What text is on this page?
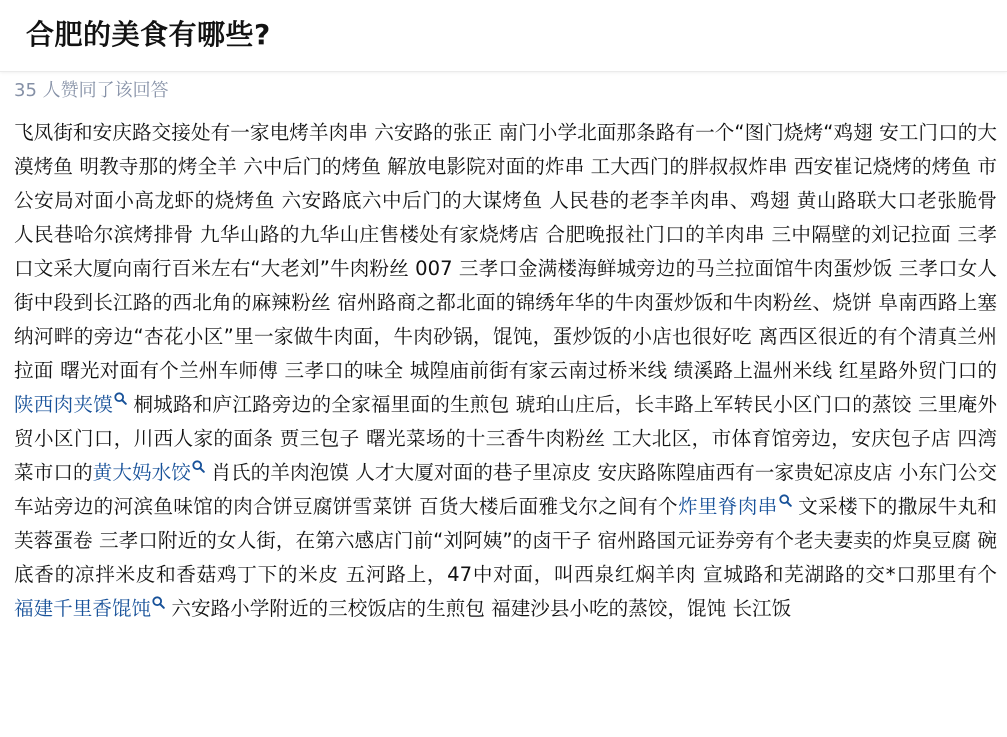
合肥的美食有哪些?
35 人赞同了该回答
飞凤街和安庆路交接处有一家电烤羊肉串 六安路的张正 南门小学北面那条路有一个“图门烧烤“鸡翅 安工门口的大漠烤鱼 明教寺那的烤全羊 六中后门的烤鱼 解放电影院对面的炸串 工大西门的胖叔叔炸串 西安崔记烧烤的烤鱼 市公安局对面小高龙虾的烧烤鱼 六安路底六中后门的大谋烤鱼 人民巷的老李羊肉串、鸡翅 黄山路联大口老张脆骨 人民巷哈尔滨烤排骨 九华山路的九华山庄售楼处有家烧烤店 合肥晚报社门口的羊肉串 三中隔壁的刘记拉面 三孝口文采大厦向南行百米左右“大老刘”牛肉粉丝 007 三孝口金满楼海鲜城旁边的马兰拉面馆牛肉蛋炒饭 三孝口女人街中段到长江路的西北角的麻辣粉丝 宿州路商之都北面的锦绣年华的牛肉蛋炒饭和牛肉粉丝、烧饼 阜南西路上塞纳河畔的旁边“杏花小区”里一家做牛肉面，牛肉砂锅，馄饨，蛋炒饭的小店也很好吃 离西区很近的有个清真兰州拉面 曙光对面有个兰州车师傅 三孝口的味全 城隍庙前街有家云南过桥米线 绩溪路上温州米线 红星路外贸门口的陕西肉夹馍 桐城路和庐江路旁边的全家福里面的生煎包 琥珀山庄后，长丰路上军转民小区门口的蒸饺 三里庵外贸小区门口，川西人家的面条 贾三包子 曙光菜场的十三香牛肉粉丝 工大北区，市体育馆旁边，安庆包子店 四湾菜市口的黄大妈水饺 肖氏的羊肉泡馍 人才大厦对面的巷子里凉皮 安庆路陈隍庙西有一家贵妃凉皮店 小东门公交车站旁边的河滨鱼味馆的肉合饼豆腐饼雪菜饼 百货大楼后面雅戈尔之间有个炸里脊肉串 文采楼下的撒尿牛丸和芙蓉蛋卷 三孝口附近的女人街，在第六感店门前“刘阿姨”的卤干子 宿州路国元证券旁有个老夫妻卖的炸臭豆腐 碗底香的凉拌米皮和香菇鸡丁下的米皮 五河路上，47中对面，叫西泉红焖羊肉 宣城路和芜湖路的交*口那里有个福建千里香馄饨 六安路小学附近的三校饭店的生煎包 福建沙县小吃的蒸饺，馄饨 长江饭
